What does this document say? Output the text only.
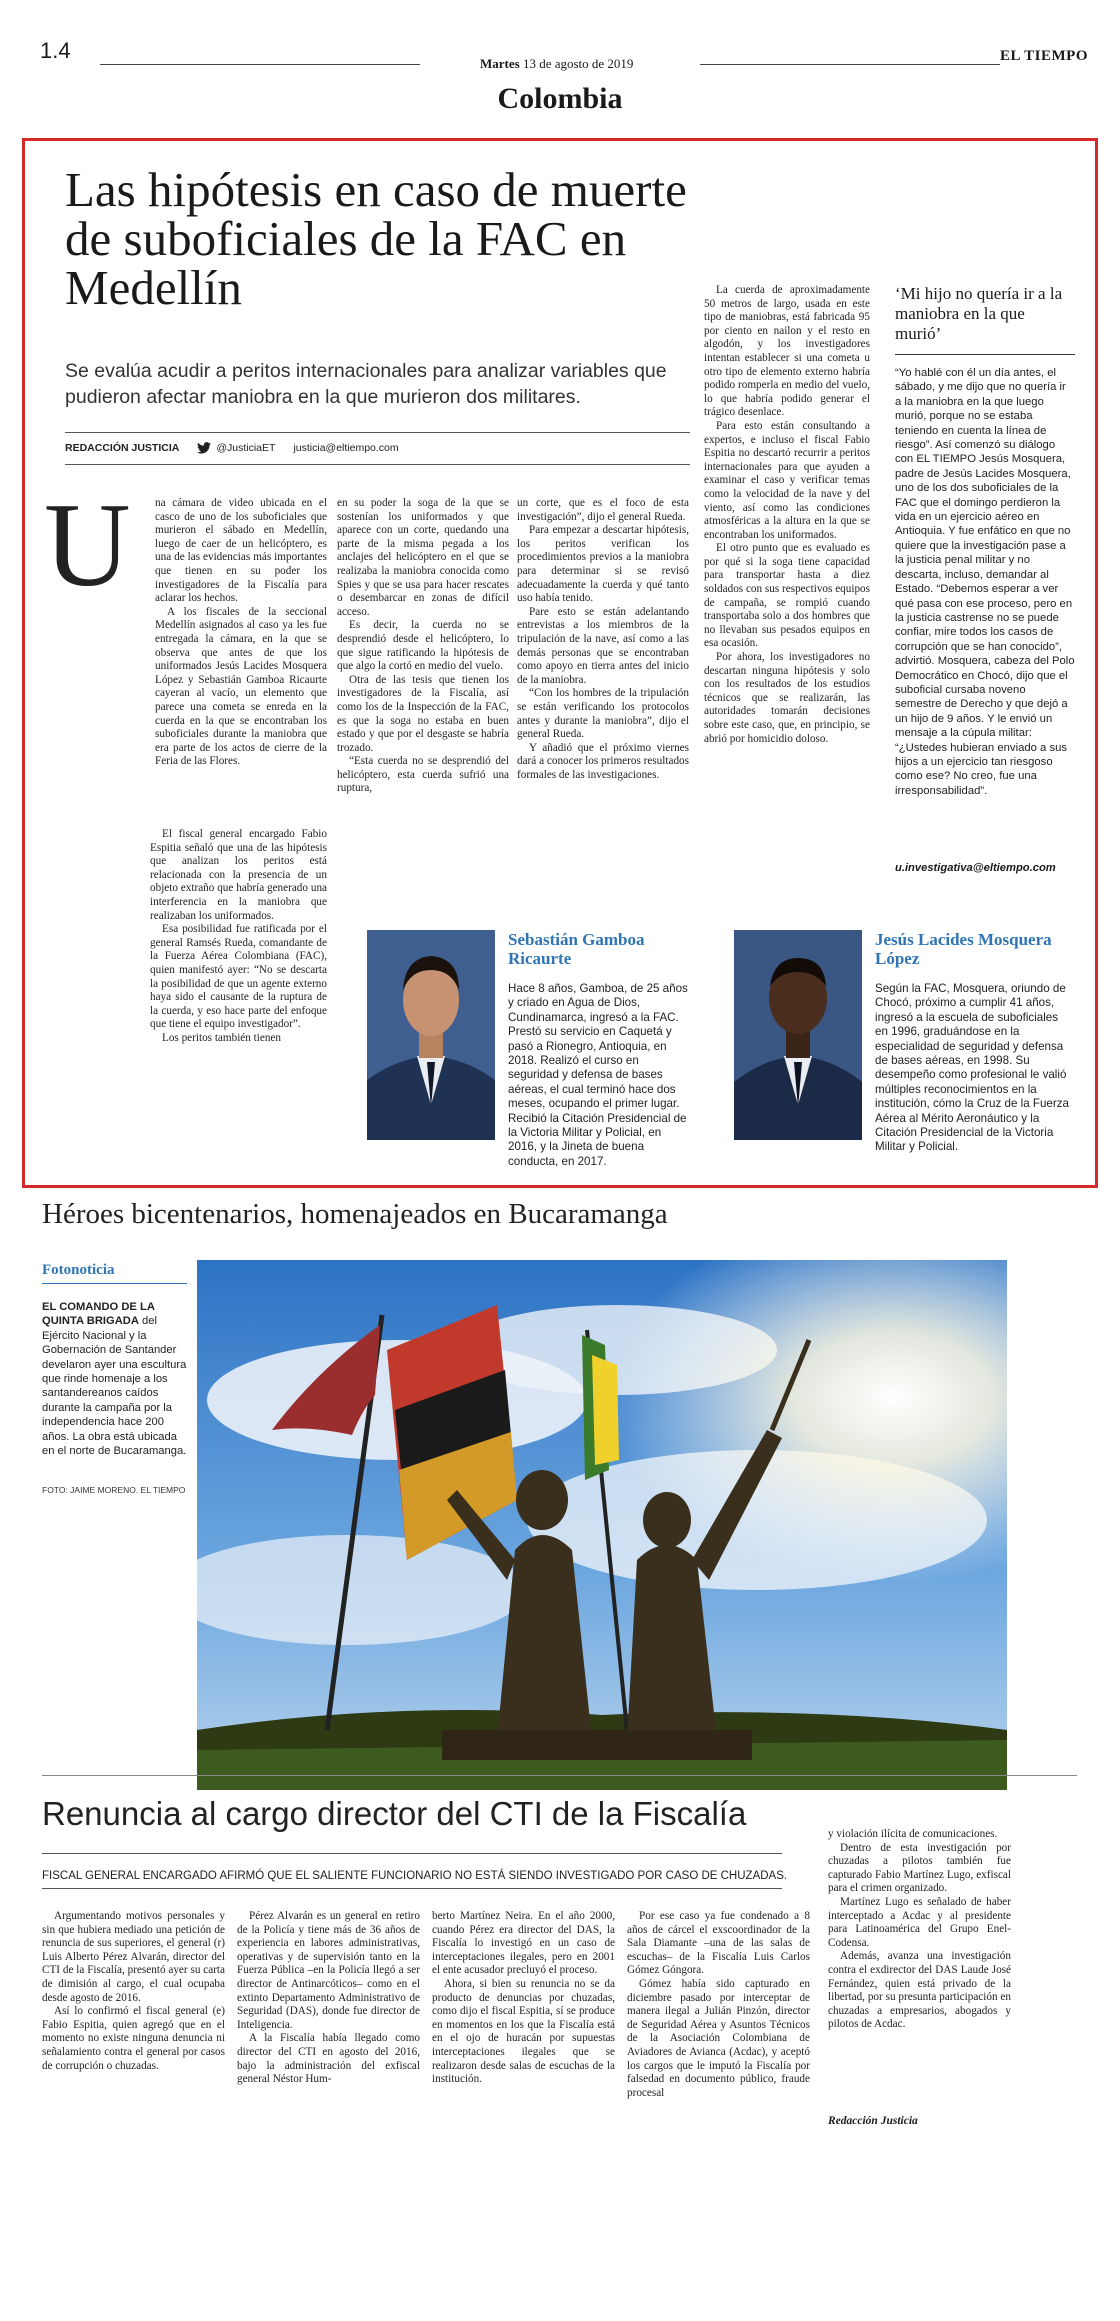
1.4
Martes 13 de agosto de 2019	EL TIEMPO
Colombia
Las hipótesis en caso de muerte de suboficiales de la FAC en Medellín
Se evalúa acudir a peritos internacionales para analizar variables que pudieron afectar maniobra en la que murieron dos militares.
REDACCIÓN JUSTICIA	@JusticiaET justicia@eltiempo.com
U na cámara de video ubicada en el casco de uno de los suboficiales que murieron el sábado en Medellín, luego de caer de un helicóptero, es una de las evidencias más importantes que tienen en su poder los investigadores de la Fiscalía para aclarar los hechos.

A los fiscales de la seccional Medellín asignados al caso ya les fue entregada la cámara, en la que se observa que antes de que los uniformados Jesús Lacides Mosquera López y Sebastián Gamboa Ricaurte cayeran al vacío, un elemento que parece una cometa se enreda en la cuerda en la que se encontraban los suboficiales durante la maniobra que era parte de los actos de cierre de la Feria de las Flores.

El fiscal general encargado Fabio Espitia señaló que una de las hipótesis que analizan los peritos está relacionada con la presencia de un objeto extraño que habría generado una interferencia en la maniobra que realizaban los uniformados.

Esa posibilidad fue ratificada por el general Ramsés Rueda, comandante de la Fuerza Aérea Colombiana (FAC), quien manifestó ayer: “No se descarta la posibilidad de que un agente externo haya sido el causante de la ruptura de la cuerda, y eso hace parte del enfoque que tiene el equipo investigador”.

Los peritos también tienen

en su poder la soga de la que se sostenían los uniformados y que aparece con un corte, quedando una parte de la misma pegada a los anclajes del helicóptero en el que se realizaba la maniobra conocida como Spies y que se usa para hacer rescates o desembarcar en zonas de difícil acceso.

Es decir, la cuerda no se desprendió desde el helicóptero, lo que sigue ratificando la hipótesis de que algo la cortó en medio del vuelo.

Otra de las tesis que tienen los investigadores de la Fiscalía, así como los de la Inspección de la FAC, es que la soga no estaba en buen estado y que por el desgaste se habría trozado.

“Esta cuerda no se desprendió del helicóptero, esta cuerda sufrió una ruptura,

un corte, que es el foco de esta investigación”, dijo el general Rueda.

Para empezar a descartar hipótesis, los peritos verifican los procedimientos previos a la maniobra para determinar si se revisó adecuadamente la cuerda y qué tanto uso había tenido.

Pare esto se están adelantando entrevistas a los miembros de la tripulación de la nave, así como a las demás personas que se encontraban como apoyo en tierra antes del inicio de la maniobra.

“Con los hombres de la tripulación se están verificando los protocolos antes y durante la maniobra”, dijo el general Rueda.

Y añadió que el próximo viernes dará a conocer los primeros resultados formales de las investigaciones.

La cuerda de aproximadamente 50 metros de largo, usada en este tipo de maniobras, está fabricada 95 por ciento en nailon y el resto en algodón, y los investigadores intentan establecer si una cometa u otro tipo de elemento externo habría podido romperla en medio del vuelo, lo que habría podido generar el trágico desenlace.

Para esto están consultando a expertos, e incluso el fiscal Fabio Espitia no descartó recurrir a peritos internacionales para que ayuden a examinar el caso y verificar temas como la velocidad de la nave y del viento, así como las condiciones atmosféricas a la altura en la que se encontraban los uniformados.

El otro punto que es evaluado es por qué si la soga tiene capacidad para transportar hasta a diez soldados con sus respectivos equipos de campaña, se rompió cuando transportaba solo a dos hombres que no llevaban sus pesados equipos en esa ocasión.

Por ahora, los investigadores no descartan ninguna hipótesis y solo con los resultados de los estudios técnicos que se realizarán, las autoridades tomarán decisiones sobre este caso, que, en principio, se abrió por homicidio doloso.

‘Mi hijo no quería ir a la maniobra en la que murió’
“Yo hablé con él un día antes, el sábado, y me dijo que no quería ir a la maniobra en la que luego murió, porque no se estaba teniendo en cuenta la línea de riesgo”. Así comenzó su diálogo con EL TIEMPO Jesús Mosquera, padre de Jesús Lacides Mosquera, uno de los dos suboficiales de la FAC que el domingo perdieron la vida en un ejercicio aéreo en Antioquia. Y fue enfático en que no quiere que la investigación pase a la justicia penal militar y no descarta, incluso, demandar al Estado. “Debemos esperar a ver qué pasa con ese proceso, pero en la justicia castrense no se puede confiar, mire todos los casos de corrupción que se han conocido”, advirtió. Mosquera, cabeza del Polo Democrático en Chocó, dijo que el suboficial cursaba noveno semestre de Derecho y que dejó a un hijo de 9 años. Y le envió un mensaje a la cúpula militar: “¿Ustedes hubieran enviado a sus hijos a un ejercicio tan riesgoso como ese? No creo, fue una irresponsabilidad”.
u.investigativa@eltiempo.com
Sebastián Gamboa Ricaurte
Hace 8 años, Gamboa, de 25 años y criado en Agua de Dios, Cundinamarca, ingresó a la FAC. Prestó su servicio en Caquetá y pasó a Rionegro, Antioquia, en 2018. Realizó el curso en seguridad y defensa de bases aéreas, el cual terminó hace dos meses, ocupando el primer lugar. Recibió la Citación Presidencial de la Victoria Militar y Policial, en 2016, y la Jineta de buena conducta, en 2017.
Jesús Lacides Mosquera López
Según la FAC, Mosquera, oriundo de Chocó, próximo a cumplir 41 años, ingresó a la escuela de suboficiales en 1996, graduándose en la especialidad de seguridad y defensa de bases aéreas, en 1998. Su desempeño como profesional le valió múltiples reconocimientos en la institución, cómo la Cruz de la Fuerza Aérea al Mérito Aeronáutico y la Citación Presidencial de la Victoria Militar y Policial.
Héroes bicentenarios, homenajeados en Bucaramanga
Fotonoticia
EL COMANDO DE LA QUINTA BRIGADA del Ejército Nacional y la Gobernación de Santander develaron ayer una escultura que rinde homenaje a los santandereanos caídos durante la campaña por la independencia hace 200 años. La obra está ubicada en el norte de Bucaramanga.
FOTO: JAIME MORENO. EL TIEMPO
Renuncia al cargo director del CTI de la Fiscalía
FISCAL GENERAL ENCARGADO AFIRMÓ QUE EL SALIENTE FUNCIONARIO NO ESTÁ SIENDO INVESTIGADO POR CASO DE CHUZADAS.

Argumentando motivos personales y sin que hubiera mediado una petición de renuncia de sus superiores, el general (r) Luis Alberto Pérez Alvarán, director del CTI de la Fiscalía, presentó ayer su carta de dimisión al cargo, el cual ocupaba desde agosto de 2016.

Así lo confirmó el fiscal general (e) Fabio Espitia, quien agregó que en el momento no existe ninguna denuncia ni señalamiento contra el general por casos de corrupción o chuzadas.

Pérez Alvarán es un general en retiro de la Policía y tiene más de 36 años de experiencia en labores administrativas, operativas y de supervisión tanto en la Fuerza Pública –en la Policía llegó a ser director de Antinarcóticos– como en el extinto Departamento Administrativo de Seguridad (DAS), donde fue director de Inteligencia.

A la Fiscalía había llegado como director del CTI en agosto del 2016, bajo la administración del exfiscal general Néstor Hum-

berto Martínez Neira. En el año 2000, cuando Pérez era director del DAS, la Fiscalía lo investigó en un caso de interceptaciones ilegales, pero en 2001 el ente acusador precluyó el proceso.

Ahora, si bien su renuncia no se da producto de denuncias por chuzadas, como dijo el fiscal Espitia, sí se produce en momentos en los que la Fiscalía está en el ojo de huracán por supuestas interceptaciones ilegales que se realizaron desde salas de escuchas de la institución.

Por ese caso ya fue condenado a 8 años de cárcel el exscoordinador de la Sala Diamante –una de las salas de escuchas– de la Fiscalía Luis Carlos Gómez Góngora.

Gómez había sido capturado en diciembre pasado por interceptar de manera ilegal a Julián Pinzón, director de Seguridad Aérea y Asuntos Técnicos de la Asociación Colombiana de Aviadores de Avianca (Acdac), y aceptó los cargos que le imputó la Fiscalía por falsedad en documento público, fraude procesal

y violación ilícita de comunicaciones.

Dentro de esta investigación por chuzadas a pilotos también fue capturado Fabio Martínez Lugo, exfiscal para el crimen organizado.

Martínez Lugo es señalado de haber interceptado a Acdac y al presidente para Latinoamérica del Grupo Enel-Codensa.

Además, avanza una investigación contra el exdirector del DAS Laude José Fernández, quien está privado de la libertad, por su presunta participación en chuzadas a empresarios, abogados y pilotos de Acdac.

Redacción Justicia
